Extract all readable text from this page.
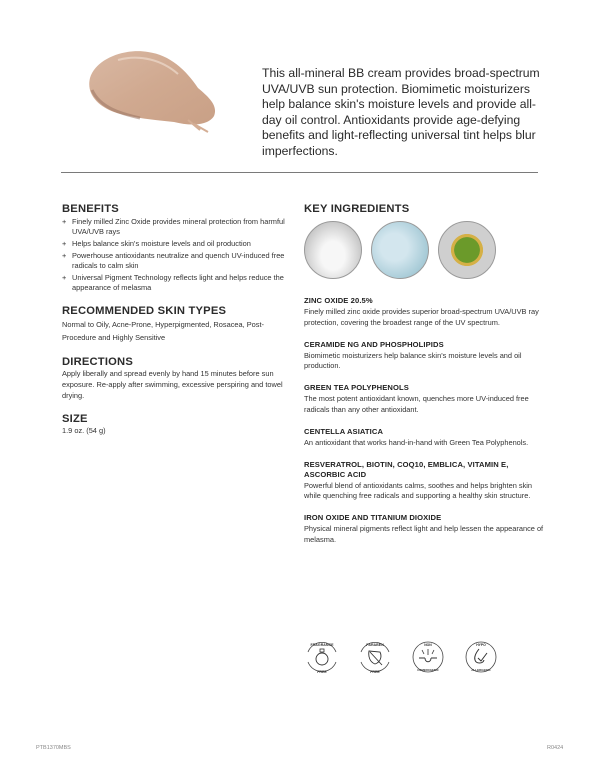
This all-mineral BB cream provides broad-spectrum UVA/UVB sun protection. Biomimetic moisturizers help balance skin's moisture levels and provide all-day oil control. Antioxidants provide age-defying benefits and light-reflecting universal tint helps blur imperfections.
BENEFITS
+ Finely milled Zinc Oxide provides mineral protection from harmful UVA/UVB rays
+ Helps balance skin's moisture levels and oil production
+ Powerhouse antioxidants neutralize and quench UV-induced free radicals to calm skin
+ Universal Pigment Technology reflects light and helps reduce the appearance of melasma
RECOMMENDED SKIN TYPES
Normal to Oily, Acne-Prone, Hyperpigmented, Rosacea, Post-Procedure and Highly Sensitive
DIRECTIONS
Apply liberally and spread evenly by hand 15 minutes before sun exposure. Re-apply after swimming, excessive perspiring and towel drying.
SIZE
1.9 oz. (54 g)
KEY INGREDIENTS
ZINC OXIDE 20.5%

Finely milled zinc oxide provides superior broad-spectrum UVA/UVB ray protection, covering the broadest range of the UV spectrum.

CERAMIDE NG AND PHOSPHOLIPIDS

Biomimetic moisturizers help balance skin's moisture levels and oil production.

GREEN TEA POLYPHENOLS

The most potent antioxidant known, quenches more UV-induced free radicals than any other antioxidant.

CENTELLA ASIATICA

An antioxidant that works hand-in-hand with Green Tea Polyphenols.

RESVERATROL, BIOTIN, COQ10, EMBLICA, VITAMIN E, ASCORBIC ACID

Powerful blend of antioxidants calms, soothes and helps brighten skin while quenching free radicals and supporting a healthy skin structure.

IRON OXIDE AND TITANIUM DIOXIDE

Physical mineral pigments reflect light and help lessen the appearance of melasma.

FRAGRANCE
FREE
PARABEN
FREE
NON
COMEDOGENIC
HYPO
ALLERGENIC
PTB1370MBS	R0424
